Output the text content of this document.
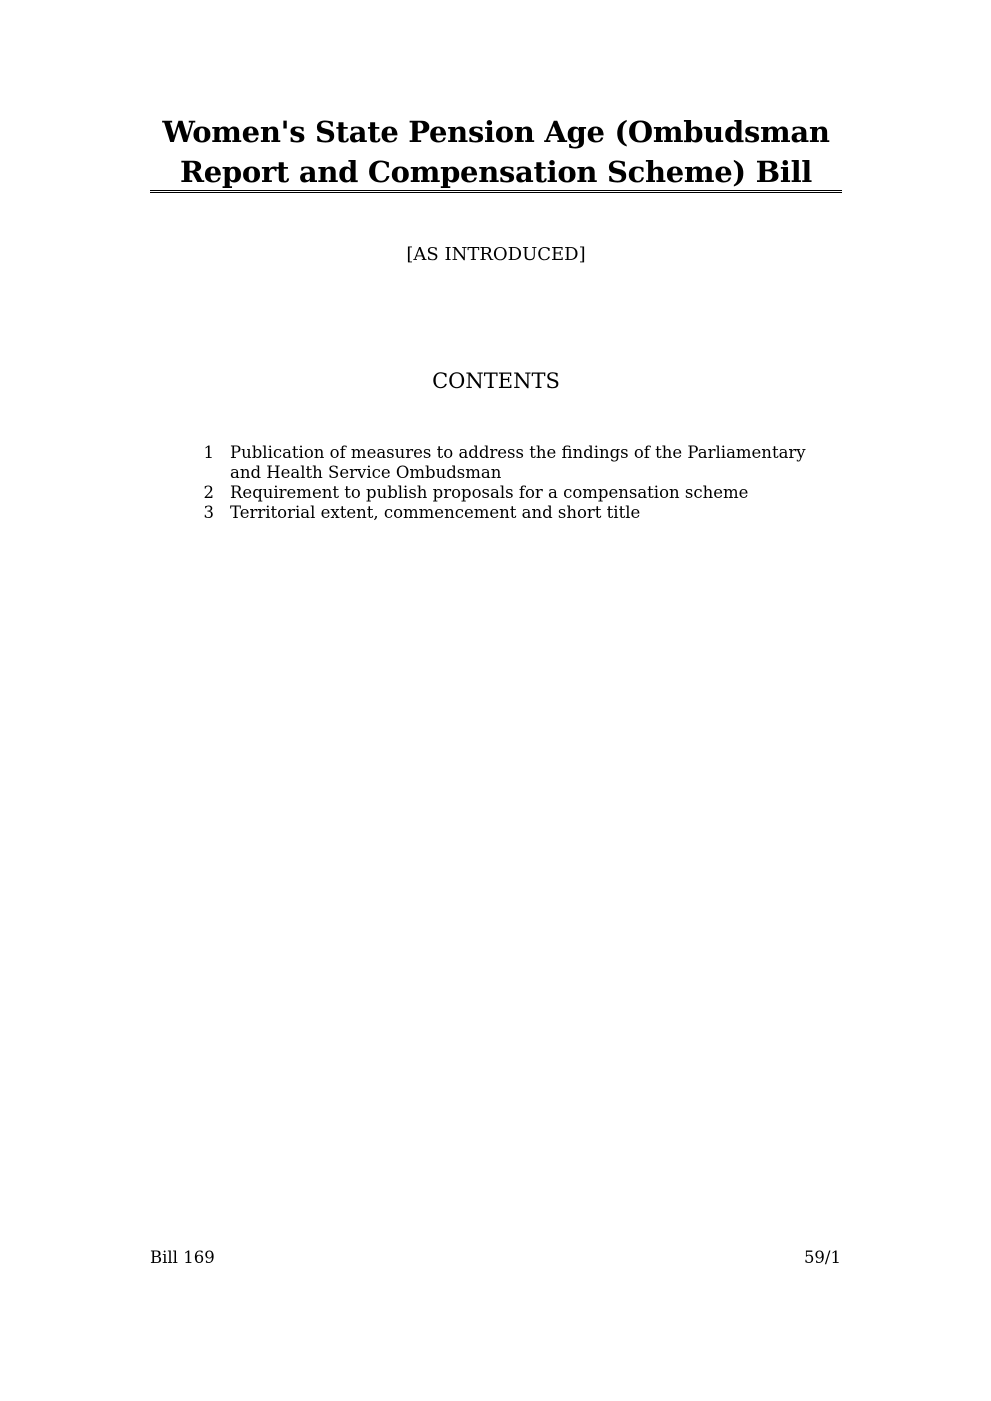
Women's State Pension Age (Ombudsman Report and Compensation Scheme) Bill
[AS INTRODUCED]
CONTENTS
1 Publication of measures to address the findings of the Parliamentary and Health Service Ombudsman
2 Requirement to publish proposals for a compensation scheme
3 Territorial extent, commencement and short title
Bill 169	59/1
